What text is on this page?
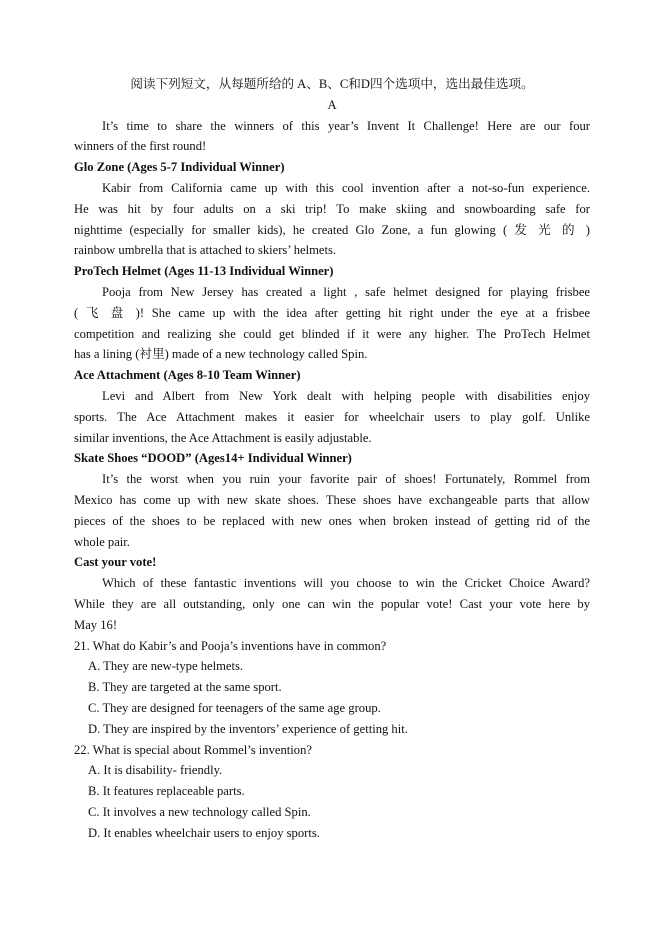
阅读下列短文，从每题所给的 A、B、C和D四个选项中，选出最佳选项。

A

It’s time to share the winners of this year’s Invent It Challenge! Here are our four

winners of the first round!

Glo Zone (Ages 5-7 Individual Winner)

Kabir from California came up with this cool invention after a not-so-fun experience.

He was hit by four adults on a ski trip! To make skiing and snowboarding safe for

nighttime (especially for smaller kids), he created Glo Zone, a fun glowing ( 发 光 的 )

rainbow umbrella that is attached to skiers’ helmets.

ProTech Helmet (Ages 11-13 Individual Winner)

Pooja from New Jersey has created a light , safe helmet designed for playing frisbee

( 飞 盘 )! She came up with the idea after getting hit right under the eye at a frisbee

competition and realizing she could get blinded if it were any higher. The ProTech Helmet

has a lining (衬里) made of a new technology called Spin.

Ace Attachment (Ages 8-10 Team Winner)

Levi and Albert from New York dealt with helping people with disabilities enjoy

sports. The Ace Attachment makes it easier for wheelchair users to play golf. Unlike

similar inventions, the Ace Attachment is easily adjustable.

Skate Shoes “DOOD” (Ages14+ Individual Winner)

It’s the worst when you ruin your favorite pair of shoes! Fortunately, Rommel from

Mexico has come up with new skate shoes. These shoes have exchangeable parts that allow

pieces of the shoes to be replaced with new ones when broken instead of getting rid of the

whole pair.

Cast your vote!

Which of these fantastic inventions will you choose to win the Cricket Choice Award?

While they are all outstanding, only one can win the popular vote! Cast your vote here by

May 16!

21. What do Kabir’s and Pooja’s inventions have in common?

A. They are new-type helmets.

B. They are targeted at the same sport.

C. They are designed for teenagers of the same age group.

D. They are inspired by the inventors’ experience of getting hit.

22. What is special about Rommel’s invention?

A. It is disability- friendly.

B. It features replaceable parts.

C. It involves a new technology called Spin.

D. It enables wheelchair users to enjoy sports.
